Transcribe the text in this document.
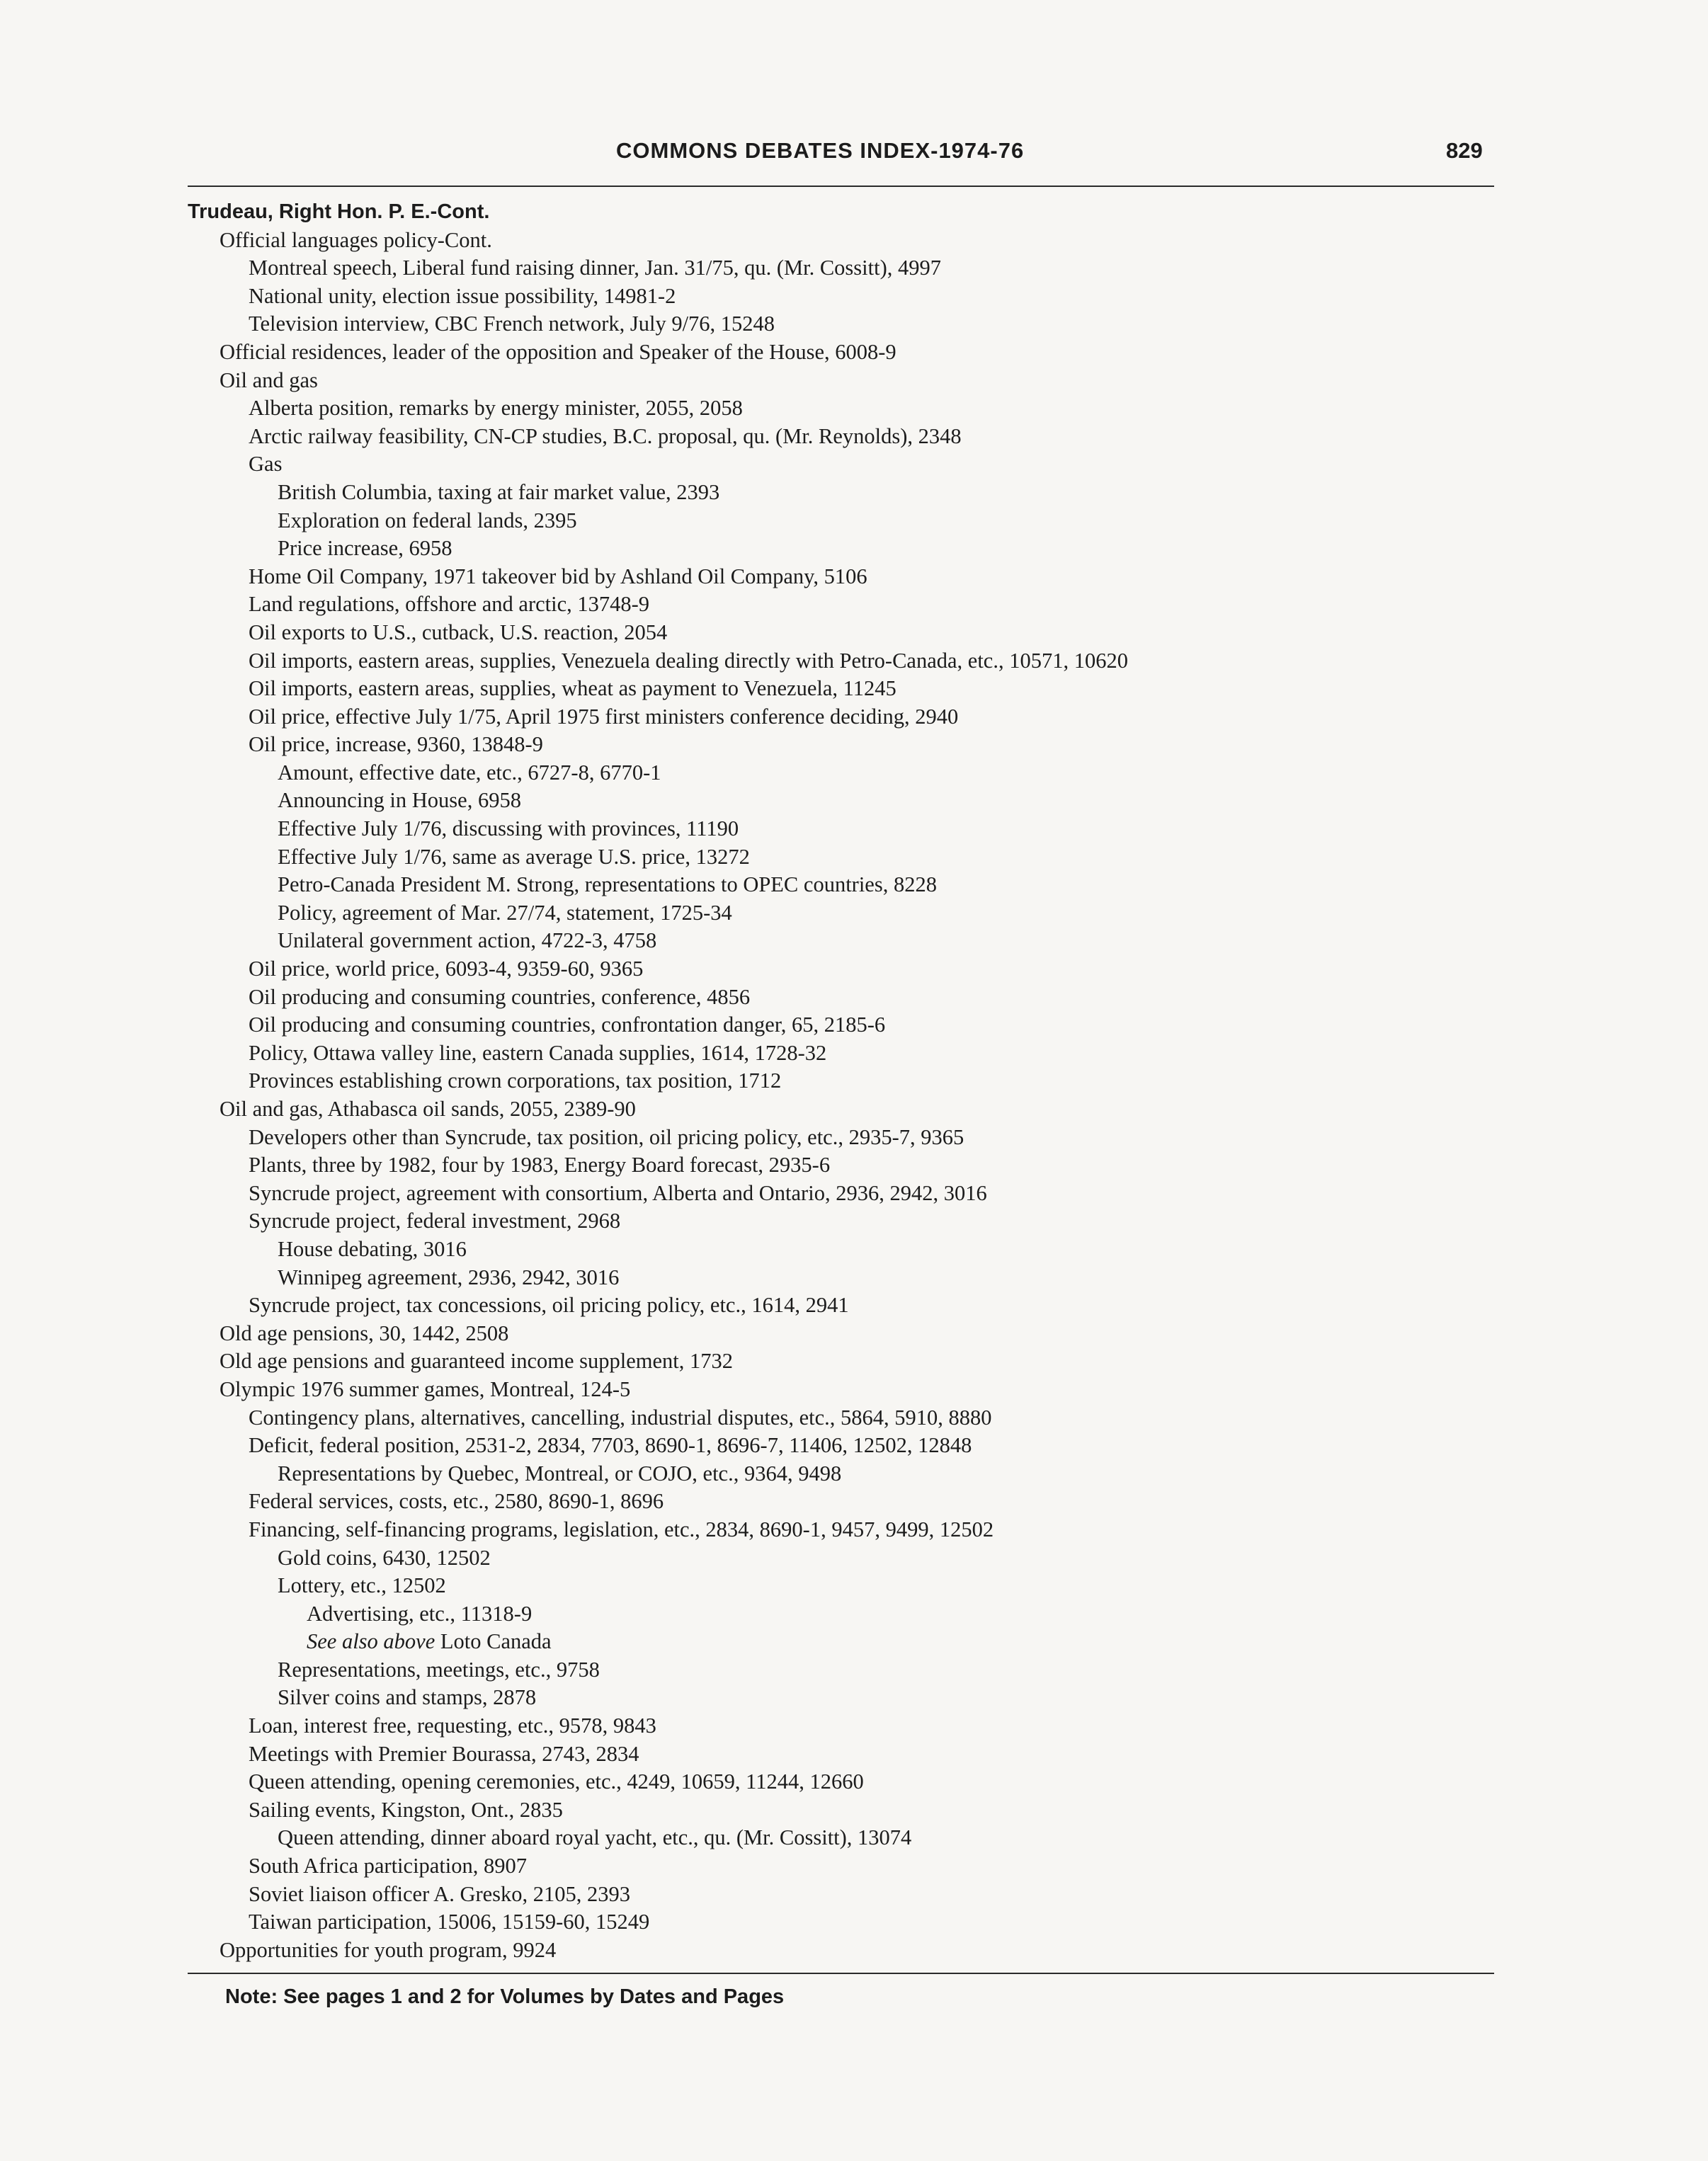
COMMONS DEBATES INDEX-1974-76	829
Trudeau, Right Hon. P. E.-Cont.
Official languages policy-Cont.
Montreal speech, Liberal fund raising dinner, Jan. 31/75, qu. (Mr. Cossitt), 4997
National unity, election issue possibility, 14981-2
Television interview, CBC French network, July 9/76, 15248
Official residences, leader of the opposition and Speaker of the House, 6008-9
Oil and gas
Alberta position, remarks by energy minister, 2055, 2058
Arctic railway feasibility, CN-CP studies, B.C. proposal, qu. (Mr. Reynolds), 2348
Gas
British Columbia, taxing at fair market value, 2393
Exploration on federal lands, 2395
Price increase, 6958
Home Oil Company, 1971 takeover bid by Ashland Oil Company, 5106
Land regulations, offshore and arctic, 13748-9
Oil exports to U.S., cutback, U.S. reaction, 2054
Oil imports, eastern areas, supplies, Venezuela dealing directly with Petro-Canada, etc., 10571, 10620
Oil imports, eastern areas, supplies, wheat as payment to Venezuela, 11245
Oil price, effective July 1/75, April 1975 first ministers conference deciding, 2940
Oil price, increase, 9360, 13848-9
Amount, effective date, etc., 6727-8, 6770-1
Announcing in House, 6958
Effective July 1/76, discussing with provinces, 11190
Effective July 1/76, same as average U.S. price, 13272
Petro-Canada President M. Strong, representations to OPEC countries, 8228
Policy, agreement of Mar. 27/74, statement, 1725-34
Unilateral government action, 4722-3, 4758
Oil price, world price, 6093-4, 9359-60, 9365
Oil producing and consuming countries, conference, 4856
Oil producing and consuming countries, confrontation danger, 65, 2185-6
Policy, Ottawa valley line, eastern Canada supplies, 1614, 1728-32
Provinces establishing crown corporations, tax position, 1712
Oil and gas, Athabasca oil sands, 2055, 2389-90
Developers other than Syncrude, tax position, oil pricing policy, etc., 2935-7, 9365
Plants, three by 1982, four by 1983, Energy Board forecast, 2935-6
Syncrude project, agreement with consortium, Alberta and Ontario, 2936, 2942, 3016
Syncrude project, federal investment, 2968
House debating, 3016
Winnipeg agreement, 2936, 2942, 3016
Syncrude project, tax concessions, oil pricing policy, etc., 1614, 2941
Old age pensions, 30, 1442, 2508
Old age pensions and guaranteed income supplement, 1732
Olympic 1976 summer games, Montreal, 124-5
Contingency plans, alternatives, cancelling, industrial disputes, etc., 5864, 5910, 8880
Deficit, federal position, 2531-2, 2834, 7703, 8690-1, 8696-7, 11406, 12502, 12848
Representations by Quebec, Montreal, or COJO, etc., 9364, 9498
Federal services, costs, etc., 2580, 8690-1, 8696
Financing, self-financing programs, legislation, etc., 2834, 8690-1, 9457, 9499, 12502
Gold coins, 6430, 12502
Lottery, etc., 12502
Advertising, etc., 11318-9
See also above Loto Canada
Representations, meetings, etc., 9758
Silver coins and stamps, 2878
Loan, interest free, requesting, etc., 9578, 9843
Meetings with Premier Bourassa, 2743, 2834
Queen attending, opening ceremonies, etc., 4249, 10659, 11244, 12660
Sailing events, Kingston, Ont., 2835
Queen attending, dinner aboard royal yacht, etc., qu. (Mr. Cossitt), 13074
South Africa participation, 8907
Soviet liaison officer A. Gresko, 2105, 2393
Taiwan participation, 15006, 15159-60, 15249
Opportunities for youth program, 9924
Note: See pages 1 and 2 for Volumes by Dates and Pages
